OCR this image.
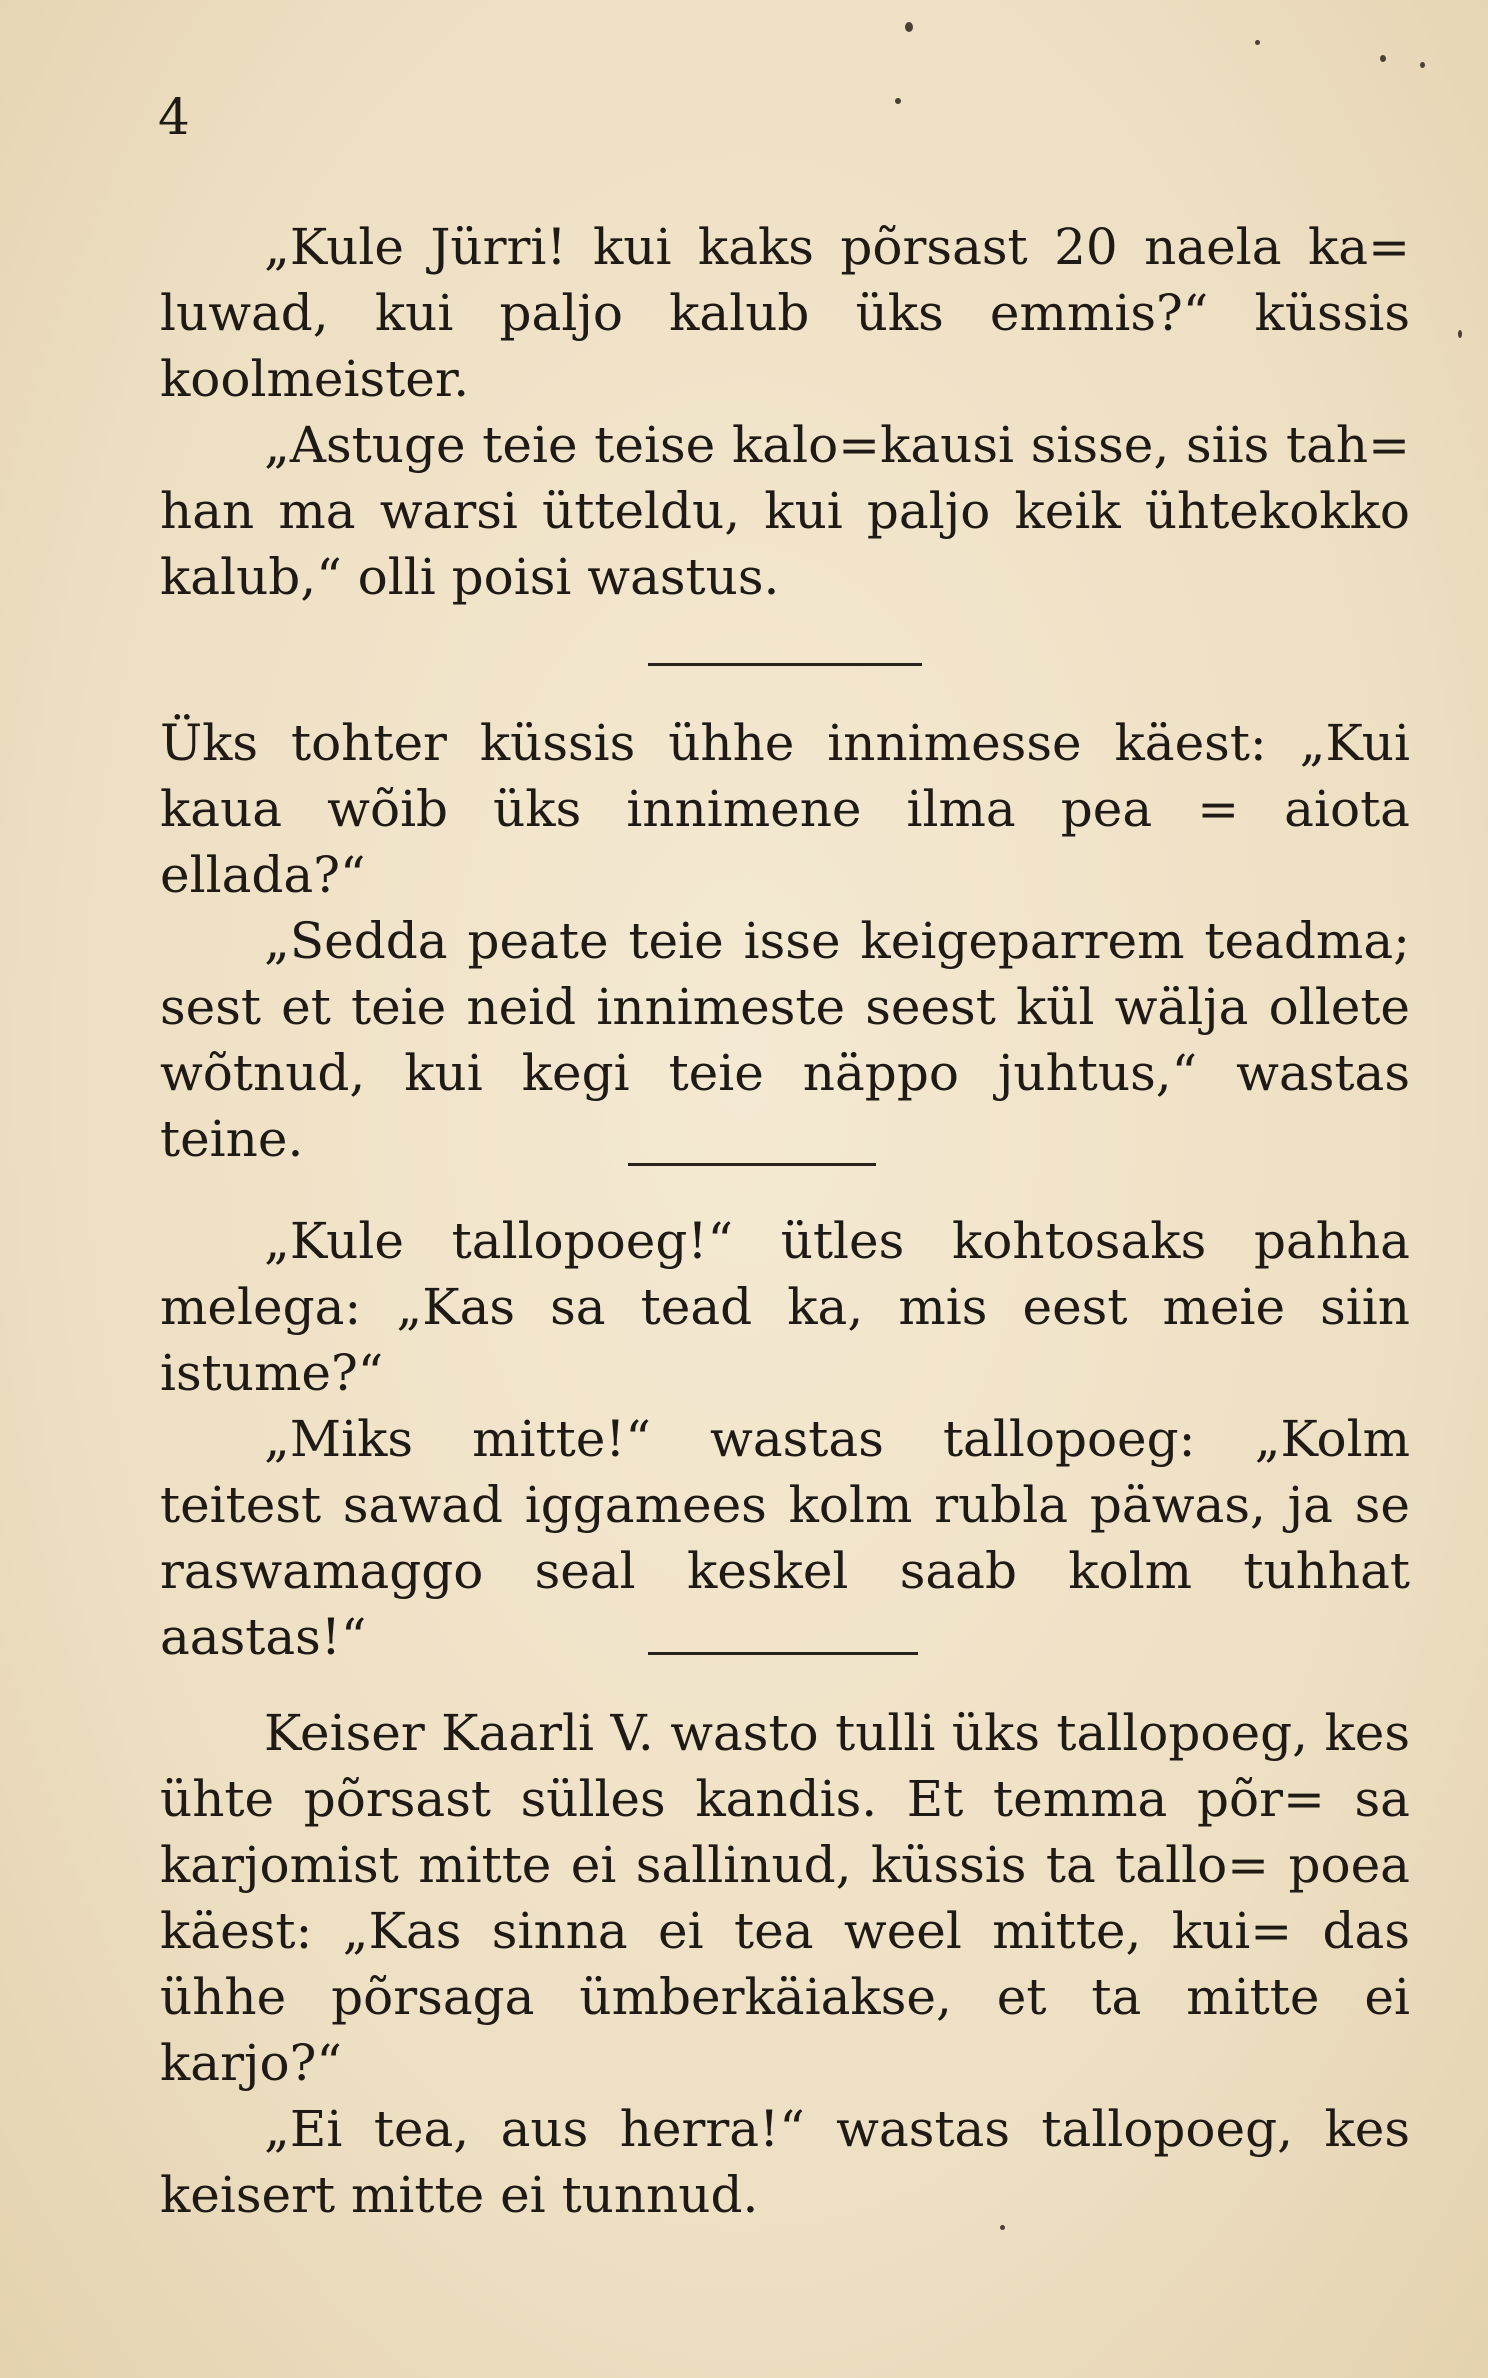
4

„Kule Jürri! kui kaks põrsast 20 naela ka= luwad, kui paljo kalub üks emmis?“ küssis koolmeister.

„Astuge teie teise kalo=kausi sisse, siis tah= han ma warsi ütteldu, kui paljo keik ühtekokko kalub,“ olli poisi wastus.

Üks tohter küssis ühhe innimesse käest: „Kui kaua wõib üks innimene ilma pea = aiota ellada?“

„Sedda peate teie isse keigeparrem teadma; sest et teie neid innimeste seest kül wälja ollete wõtnud, kui kegi teie näppo juhtus,“ wastas teine.

„Kule tallopoeg!“ ütles kohtosaks pahha melega: „Kas sa tead ka, mis eest meie siin istume?“

„Miks mitte!“ wastas tallopoeg: „Kolm teitest sawad iggamees kolm rubla päwas, ja se raswamaggo seal keskel saab kolm tuhhat aastas!“

Keiser Kaarli V. wasto tulli üks tallopoeg, kes ühte põrsast sülles kandis. Et temma põr= sa karjomist mitte ei sallinud, küssis ta tallo= poea käest: „Kas sinna ei tea weel mitte, kui= das ühhe põrsaga ümberkäiakse, et ta mitte ei karjo?“

„Ei tea, aus herra!“ wastas tallopoeg, kes keisert mitte ei tunnud.
